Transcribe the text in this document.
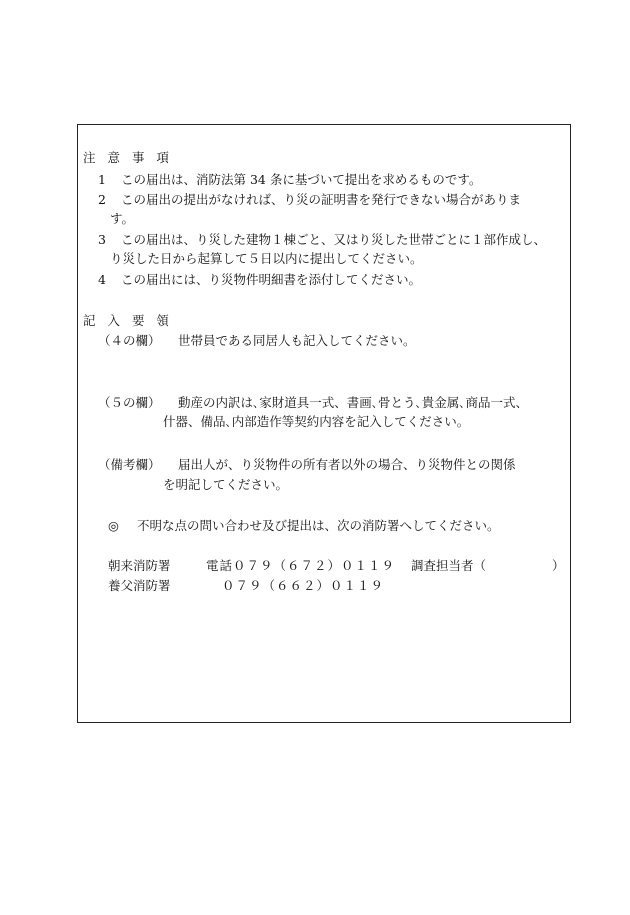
注 意 事 項
1 この届出は、消防法第 34 条に基づいて提出を求めるものです。
2 この届出の提出がなければ、り災の証明書を発行できない場合がありま
す。
3 この届出は、り災した建物１棟ごと、又はり災した世帯ごとに１部作成し、
り災した日から起算して５日以内に提出してください。
4 この届出には、り災物件明細書を添付してください。
記 入 要 領
（４の欄） 世帯員である同居人も記入してください。
（５の欄） 動産の内訳は､家財道具一式、書画､骨とう､貴金属､商品一式、
什器、備品､内部造作等契約内容を記入してください。
（備考欄） 届出人が、り災物件の所有者以外の場合、り災物件との関係
を明記してください。
◎ 不明な点の問い合わせ及び提出は、次の消防署へしてください。
朝来消防署	電話０７９（６７２）０１１９ 調査担当者（	）
養父消防署	０７９（６６２）０１１９
